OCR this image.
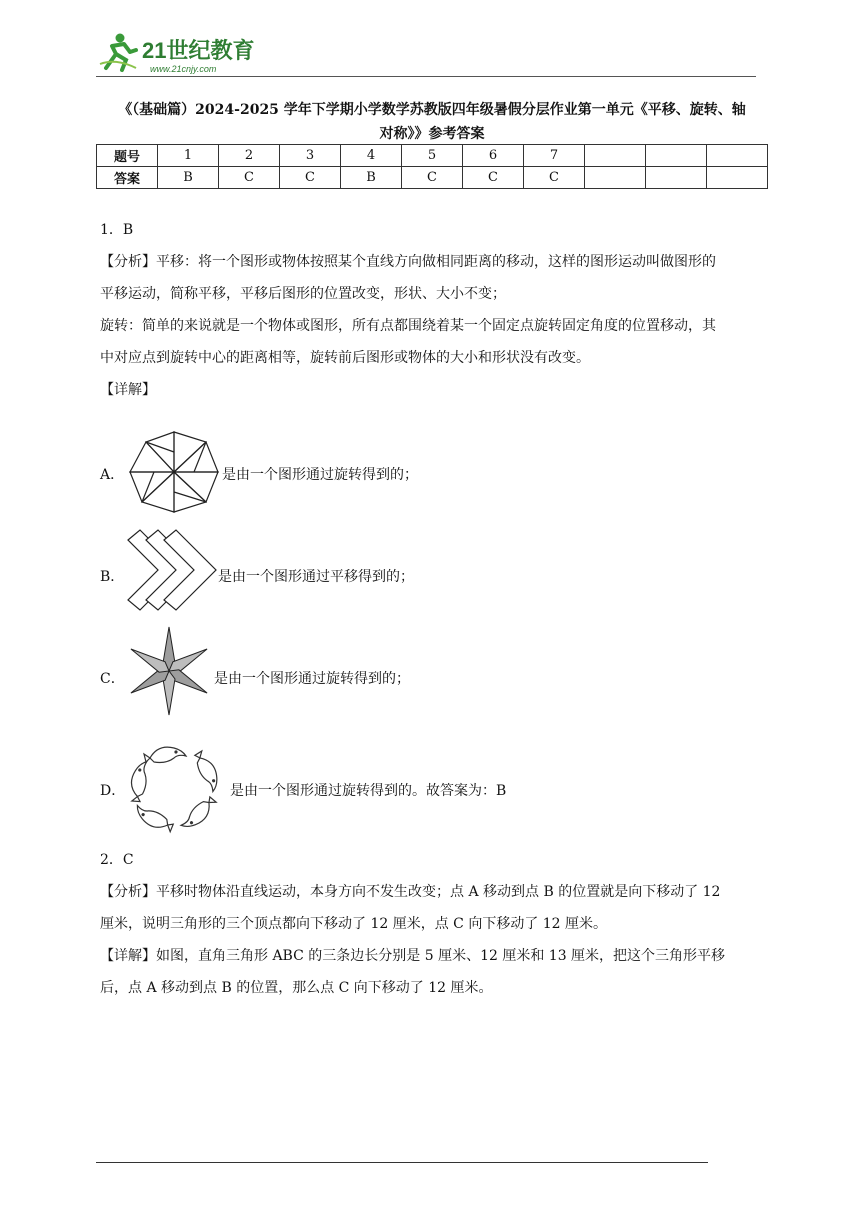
21世纪教育
www.21cnjy.com
《（基础篇）2024-2025 学年下学期小学数学苏教版四年级暑假分层作业第一单元《平移、旋转、轴
对称》》参考答案
题号	1	2	3	4	5	6	7			
答案	B	C	C	B	C	C	C			
1．B
【分析】平移：将一个图形或物体按照某个直线方向做相同距离的移动，这样的图形运动叫做图形的
平移运动，简称平移，平移后图形的位置改变，形状、大小不变；
旋转：简单的来说就是一个物体或图形，所有点都围绕着某一个固定点旋转固定角度的位置移动，其
中对应点到旋转中心的距离相等，旋转前后图形或物体的大小和形状没有改变。
【详解】
A．	是由一个图形通过旋转得到的；
B．	是由一个图形通过平移得到的；
C．	是由一个图形通过旋转得到的；
D．	是由一个图形通过旋转得到的。故答案为：B
2．C
【分析】平移时物体沿直线运动，本身方向不发生改变；点 A 移动到点 B 的位置就是向下移动了 12
厘米，说明三角形的三个顶点都向下移动了 12 厘米，点 C 向下移动了 12 厘米。
【详解】如图，直角三角形 ABC 的三条边长分别是 5 厘米、12 厘米和 13 厘米，把这个三角形平移
后，点 A 移动到点 B 的位置，那么点 C 向下移动了 12 厘米。
